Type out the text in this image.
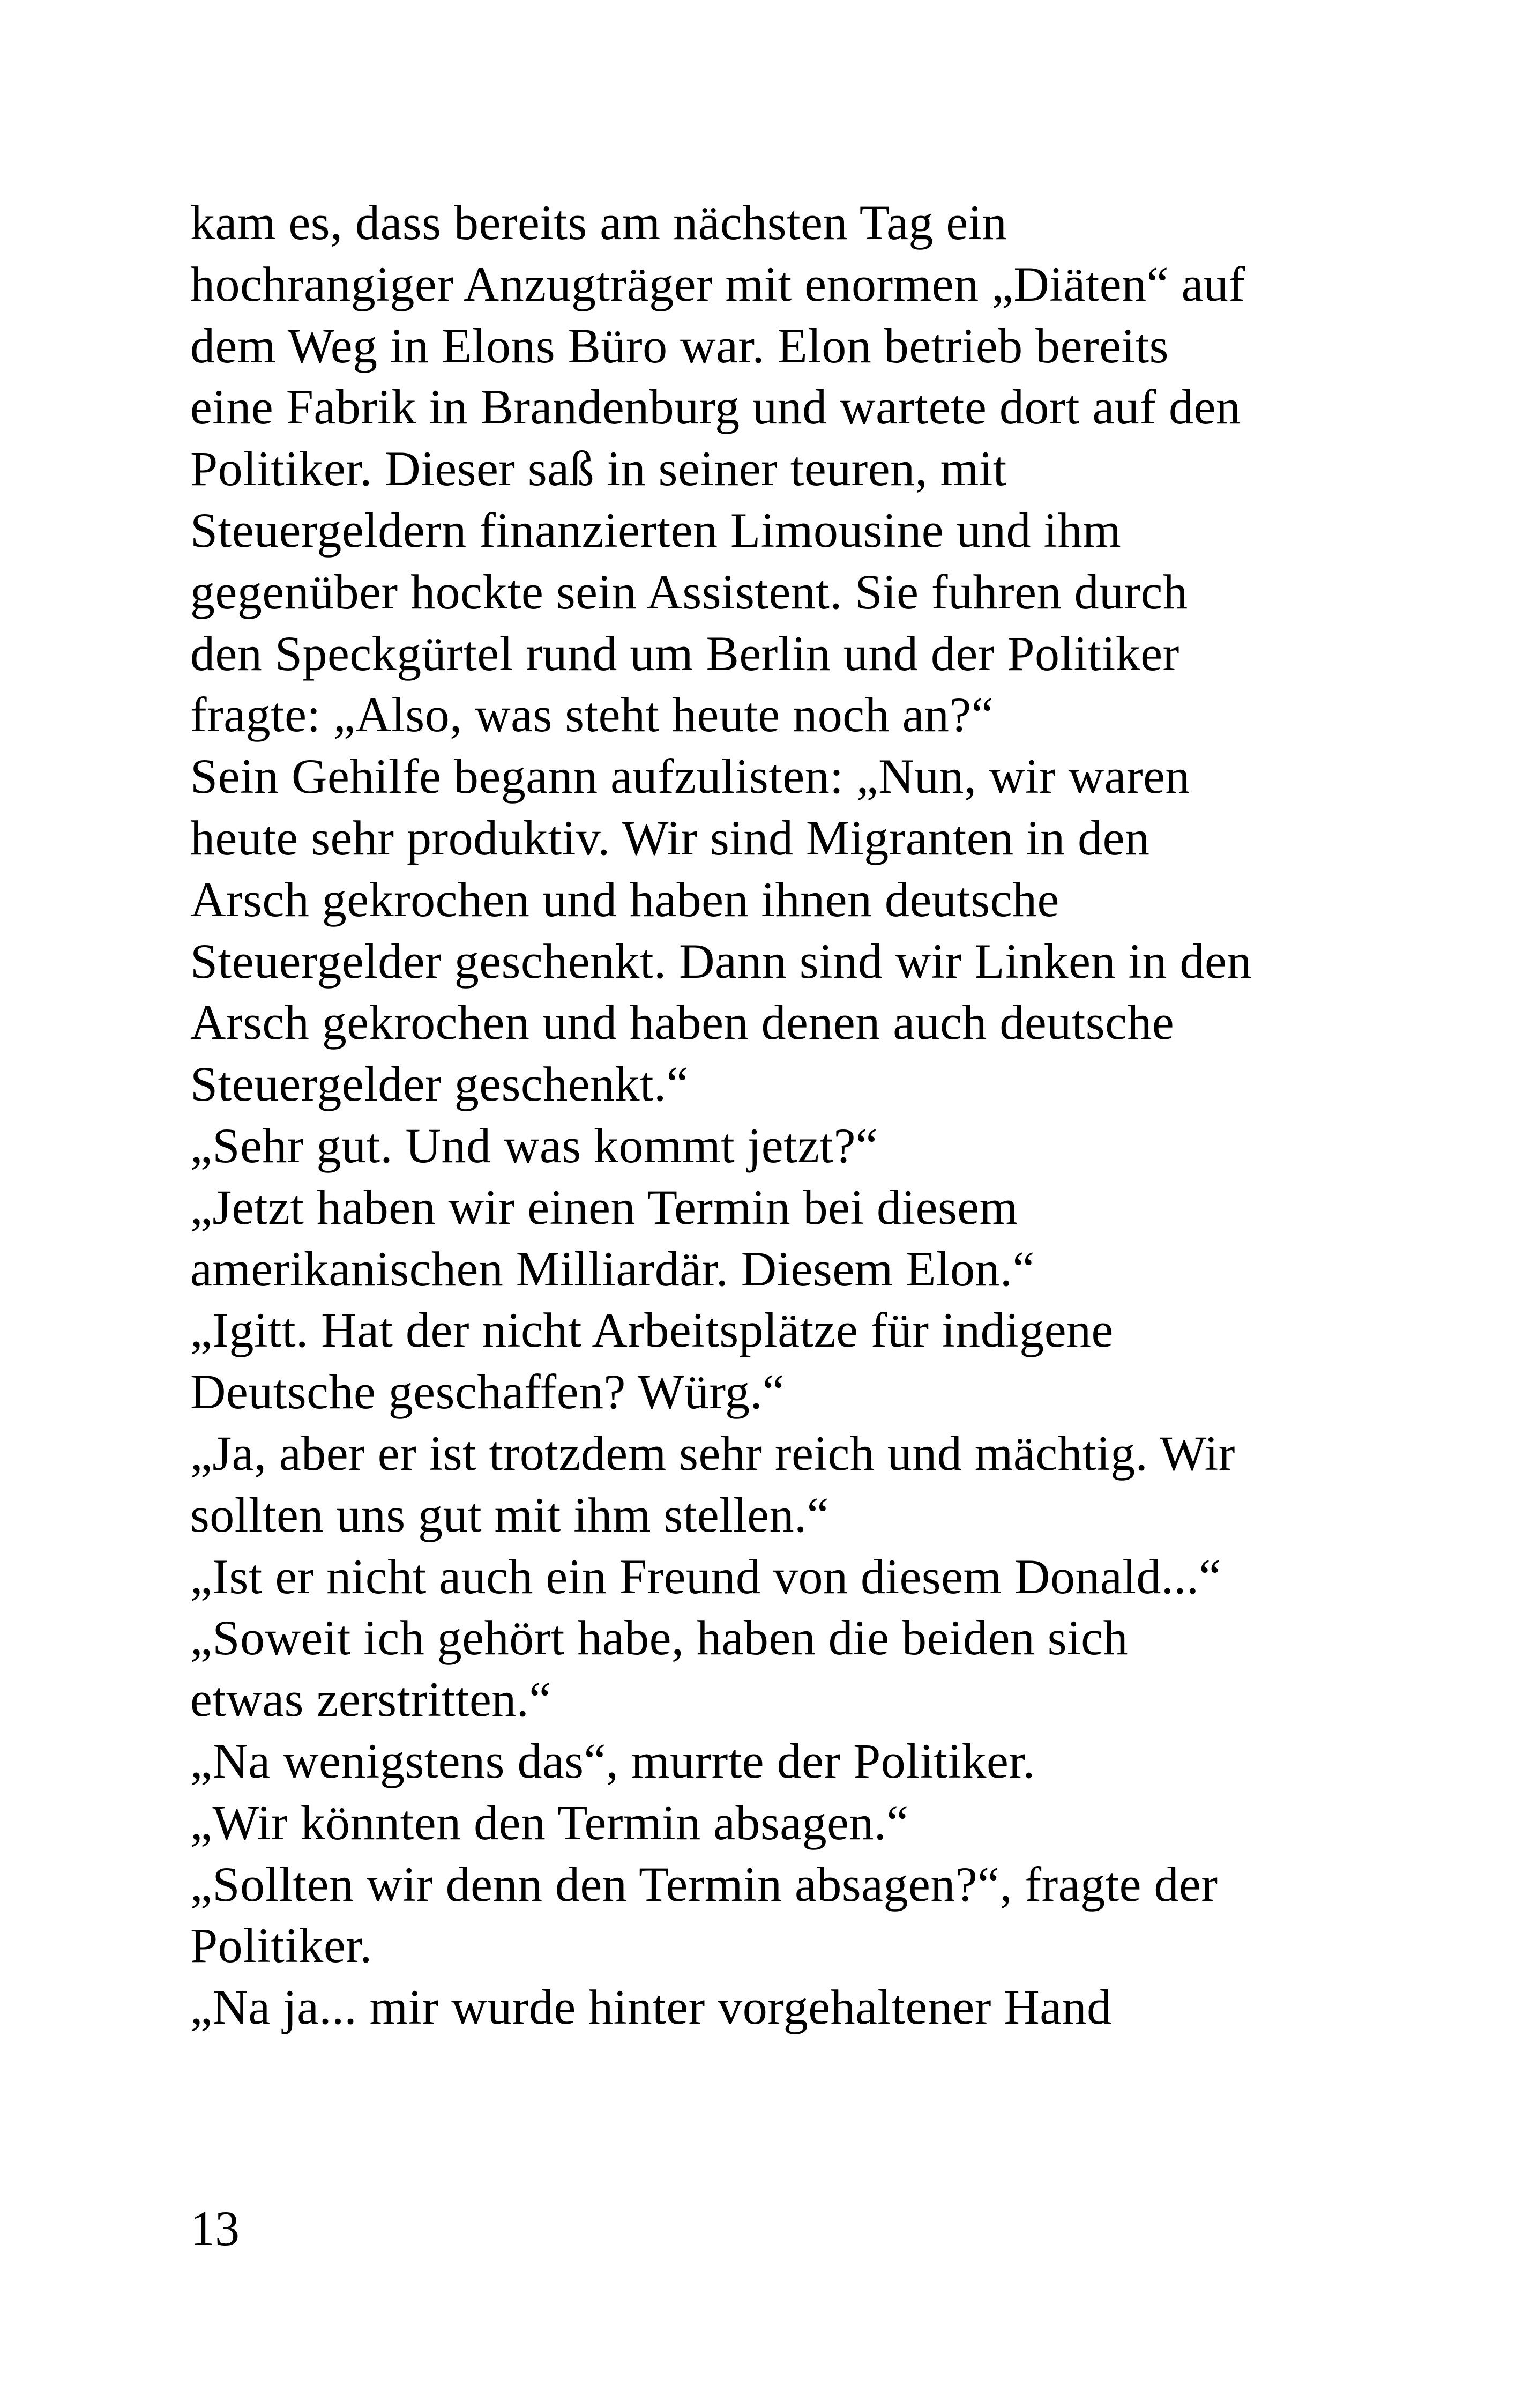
kam es, dass bereits am nächsten Tag ein
hochrangiger Anzugträger mit enormen „Diäten“ auf
dem Weg in Elons Büro war. Elon betrieb bereits
eine Fabrik in Brandenburg und wartete dort auf den
Politiker. Dieser saß in seiner teuren, mit
Steuergeldern finanzierten Limousine und ihm
gegenüber hockte sein Assistent. Sie fuhren durch
den Speckgürtel rund um Berlin und der Politiker
fragte: „Also, was steht heute noch an?“
Sein Gehilfe begann aufzulisten: „Nun, wir waren
heute sehr produktiv. Wir sind Migranten in den
Arsch gekrochen und haben ihnen deutsche
Steuergelder geschenkt. Dann sind wir Linken in den
Arsch gekrochen und haben denen auch deutsche
Steuergelder geschenkt.“
„Sehr gut. Und was kommt jetzt?“
„Jetzt haben wir einen Termin bei diesem
amerikanischen Milliardär. Diesem Elon.“
„Igitt. Hat der nicht Arbeitsplätze für indigene
Deutsche geschaffen? Würg.“
„Ja, aber er ist trotzdem sehr reich und mächtig. Wir
sollten uns gut mit ihm stellen.“
„Ist er nicht auch ein Freund von diesem Donald...“
„Soweit ich gehört habe, haben die beiden sich
etwas zerstritten.“
„Na wenigstens das“, murrte der Politiker.
„Wir könnten den Termin absagen.“
„Sollten wir denn den Termin absagen?“, fragte der
Politiker.
„Na ja... mir wurde hinter vorgehaltener Hand
13
